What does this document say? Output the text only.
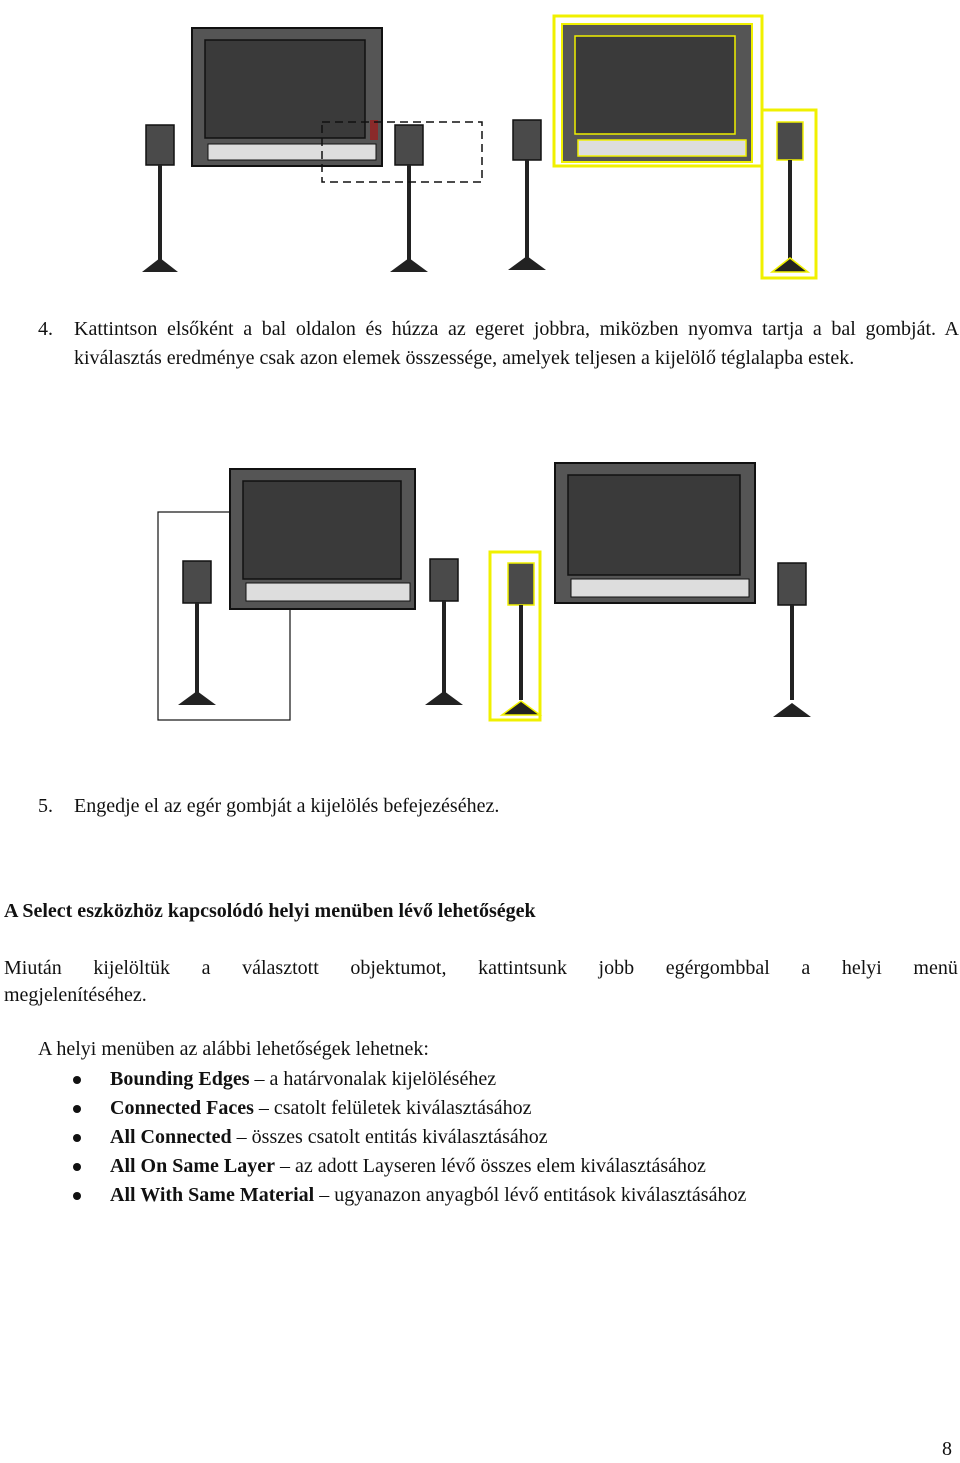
4. Kattintson elsőként a bal oldalon és húzza az egeret jobbra, miközben nyomva tartja a bal gombját. A kiválasztás eredménye csak azon elemek összessége, amelyek teljesen a kijelölő téglalapba estek.
5. Engedje el az egér gombját a kijelölés befejezéséhez.
A Select eszközhöz kapcsolódó helyi menüben lévő lehetőségek
Miután kijelöltük a választott objektumot, kattintsunk jobb egérgombbal a helyi menü
megjelenítéséhez.
A helyi menüben az alábbi lehetőségek lehetnek:
Bounding Edges – a határvonalak kijelöléséhez
Connected Faces – csatolt felületek kiválasztásához
All Connected – összes csatolt entitás kiválasztásához
All On Same Layer – az adott Layseren lévő összes elem kiválasztásához
All With Same Material – ugyanazon anyagból lévő entitások kiválasztásához
8
